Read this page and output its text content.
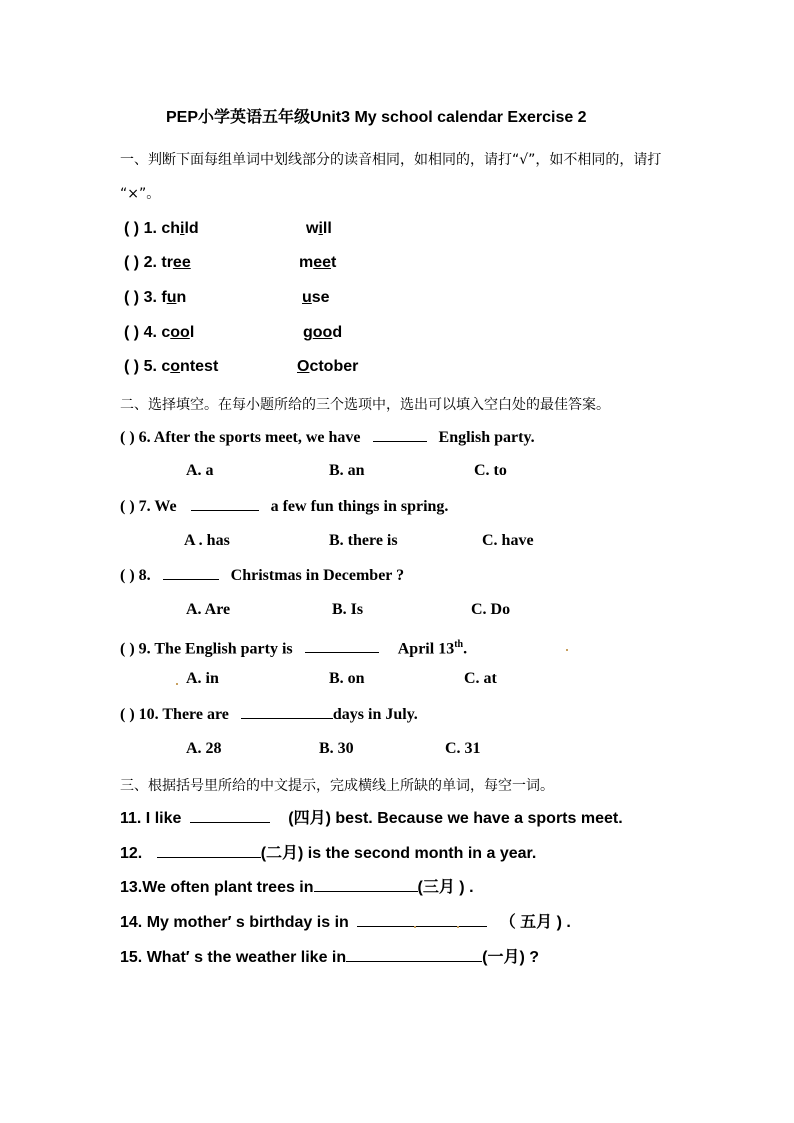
PEP小学英语五年级Unit3 My school calendar Exercise 2
一、判断下面每组单词中划线部分的读音相同，如相同的，请打“√”，如不相同的，请打
“×”。
( ) 1. child	will
( ) 2. tree	meet
( ) 3. fun	use
( ) 4. cool	good
( ) 5. contest	October
二、选择填空。在每小题所给的三个选项中，选出可以填入空白处的最佳答案。
( ) 6. After the sports meet, we have	English party.
A. a	B. an	C. to
( ) 7. We	a few fun things in spring.
A . has	B. there is	C. have
( ) 8.	Christmas in December ?
A. Are	B. Is	C. Do
( ) 9. The English party is	April 13th.
A. in	B. on	C. at
( ) 10. There are	days in July.
A. 28	B. 30	C. 31
三、根据括号里所给的中文提示，完成横线上所缺的单词，每空一词。
11. I like	(四月) best. Because we have a sports meet.
12.	(二月) is the second month in a year.
13.We often plant trees in	(三月 ) .
14. My mother′ s birthday is in	（ 五月 ) .
15. What′ s the weather like in	(一月) ?
